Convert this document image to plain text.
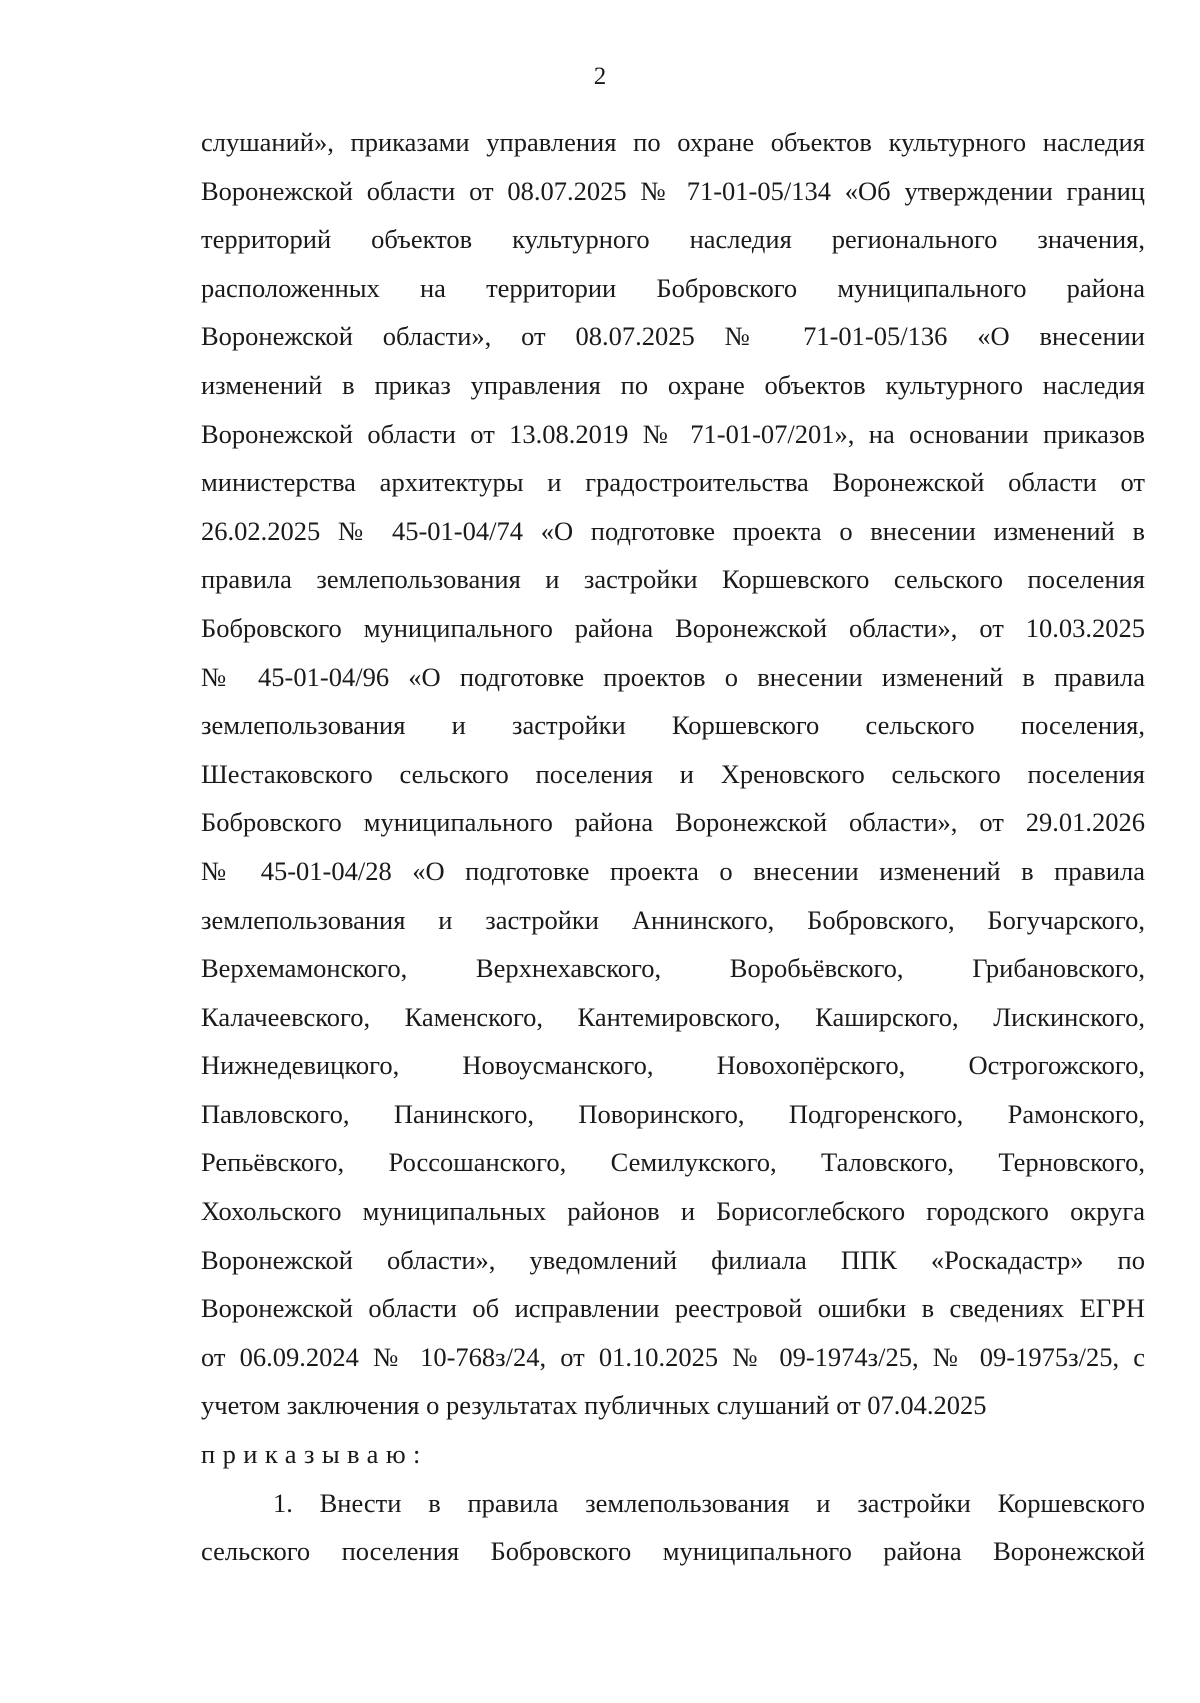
2
слушаний», приказами управления по охране объектов культурного наследия
Воронежской области от 08.07.2025 № 71-01-05/134 «Об утверждении границ
территорий объектов культурного наследия регионального значения,
расположенных на территории Бобровского муниципального района
Воронежской области», от 08.07.2025 № 71-01-05/136 «О внесении
изменений в приказ управления по охране объектов культурного наследия
Воронежской области от 13.08.2019 № 71-01-07/201», на основании приказов
министерства архитектуры и градостроительства Воронежской области от
26.02.2025 № 45-01-04/74 «О подготовке проекта о внесении изменений в
правила землепользования и застройки Коршевского сельского поселения
Бобровского муниципального района Воронежской области», от 10.03.2025
№ 45-01-04/96 «О подготовке проектов о внесении изменений в правила
землепользования и застройки Коршевского сельского поселения,
Шестаковского сельского поселения и Хреновского сельского поселения
Бобровского муниципального района Воронежской области», от 29.01.2026
№ 45-01-04/28 «О подготовке проекта о внесении изменений в правила
землепользования и застройки Аннинского, Бобровского, Богучарского,
Верхемамонского, Верхнехавского, Воробьёвского, Грибановского,
Калачеевского, Каменского, Кантемировского, Каширского, Лискинского,
Нижнедевицкого, Новоусманского, Новохопёрского, Острогожского,
Павловского, Панинского, Поворинского, Подгоренского, Рамонского,
Репьёвского, Россошанского, Семилукского, Таловского, Терновского,
Хохольского муниципальных районов и Борисоглебского городского округа
Воронежской области», уведомлений филиала ППК «Роскадастр» по
Воронежской области об исправлении реестровой ошибки в сведениях ЕГРН
от 06.09.2024 № 10-768з/24, от 01.10.2025 № 09-1974з/25, № 09-1975з/25, с
учетом заключения о результатах публичных слушаний от 07.04.2025
приказываю:
1. Внести в правила землепользования и застройки Коршевского
сельского поселения Бобровского муниципального района Воронежской
